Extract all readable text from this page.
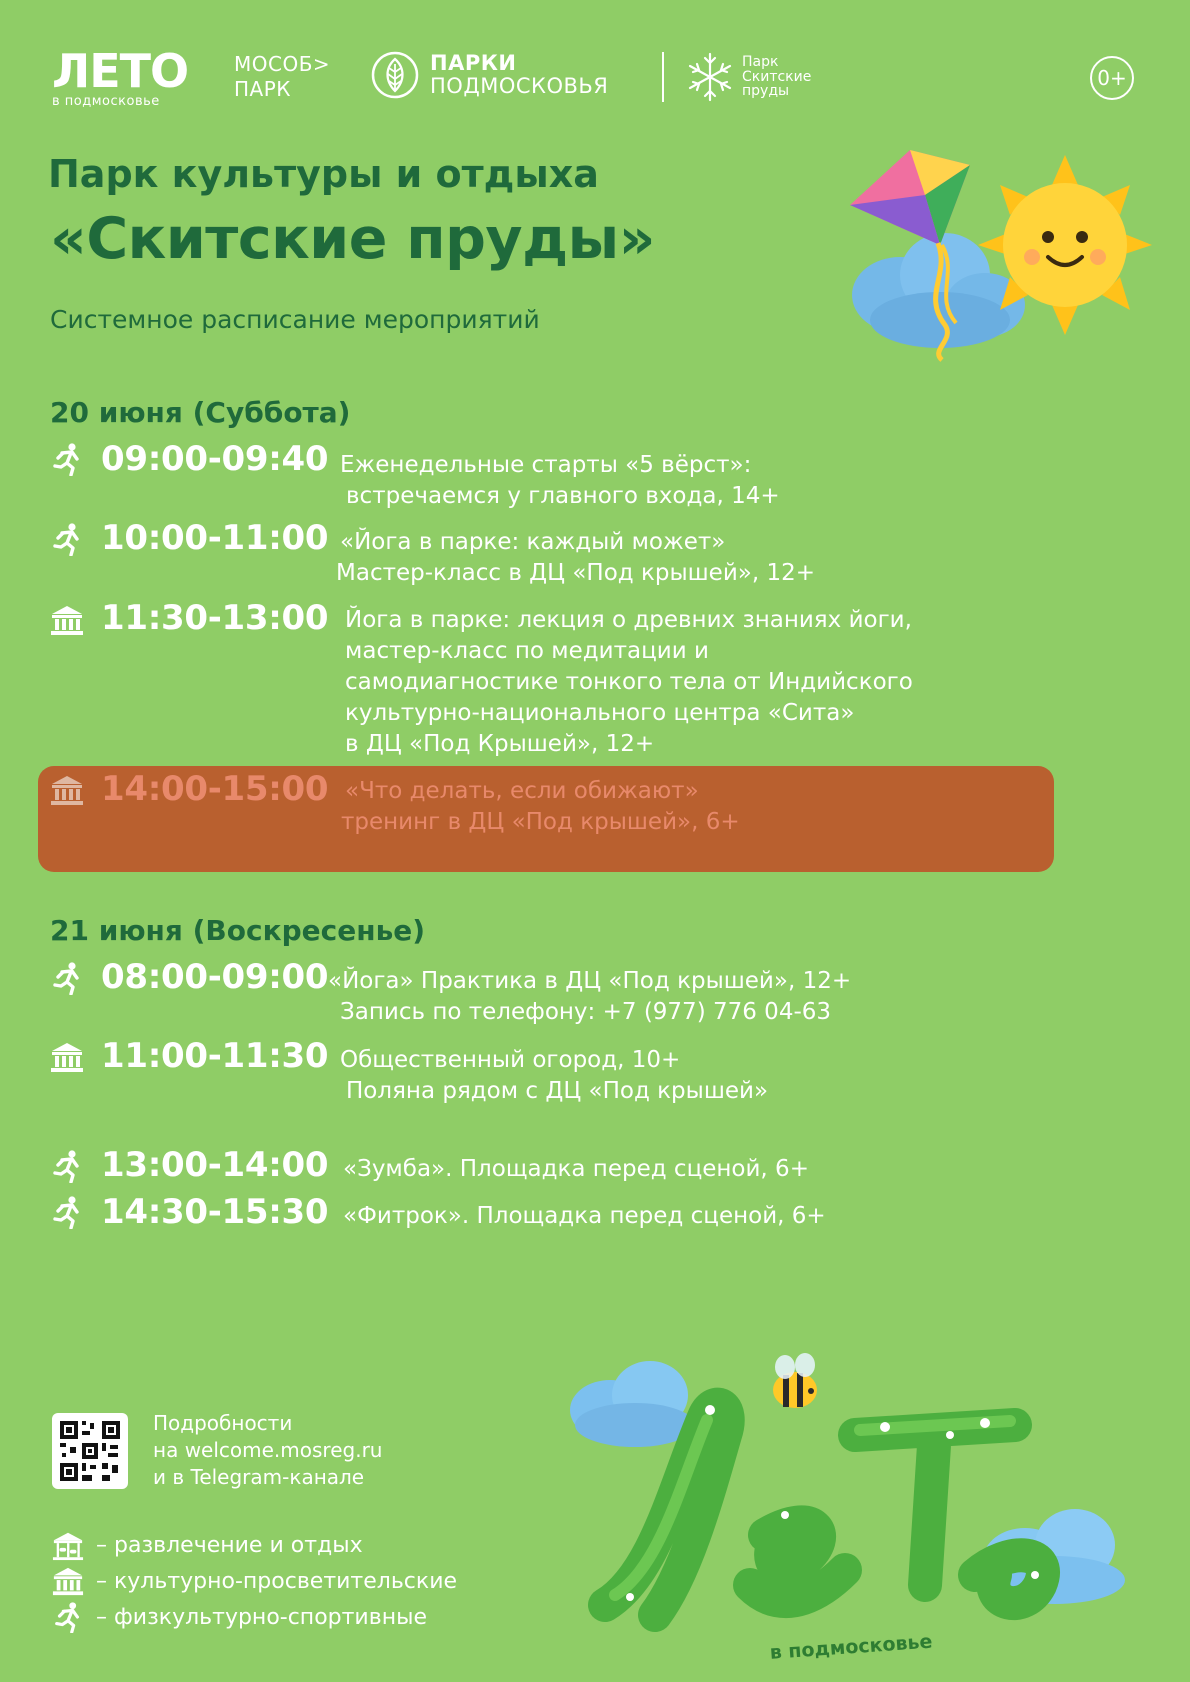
ЛЕТО
в подмосковье
МОСОБ>
ПАРК
ПАРКИ
ПОДМОСКОВЬЯ
Парк
Скитские
пруды
0+
Парк культуры и отдыха
«Скитские пруды»
Системное расписание мероприятий
20 июня (Суббота)
09:00-09:40 Еженедельные старты «5 вёрст»:
встречаемся у главного входа, 14+
10:00-11:00 «Йога в парке: каждый может»
Мастер-класс в ДЦ «Под крышей», 12+
11:30-13:00 Йога в парке: лекция о древних знаниях йоги,
мастер-класс по медитации и
самодиагностике тонкого тела от Индийского
культурно-национального центра «Сита»
в ДЦ «Под Крышей», 12+
14:00-15:00 «Что делать, если обижают»
тренинг в ДЦ «Под крышей», 6+
21 июня (Воскресенье)
08:00-09:00 «Йога» Практика в ДЦ «Под крышей», 12+
Запись по телефону: +7 (977) 776 04-63
11:00-11:30 Общественный огород, 10+
Поляна рядом с ДЦ «Под крышей»
13:00-14:00 «Зумба». Площадка перед сценой, 6+
14:30-15:30 «Фитрок». Площадка перед сценой, 6+
Подробности
на welcome.mosreg.ru
и в Telegram-канале
– развлечение и отдых
– культурно-просветительские
– физкультурно-спортивные
в подмосковье
